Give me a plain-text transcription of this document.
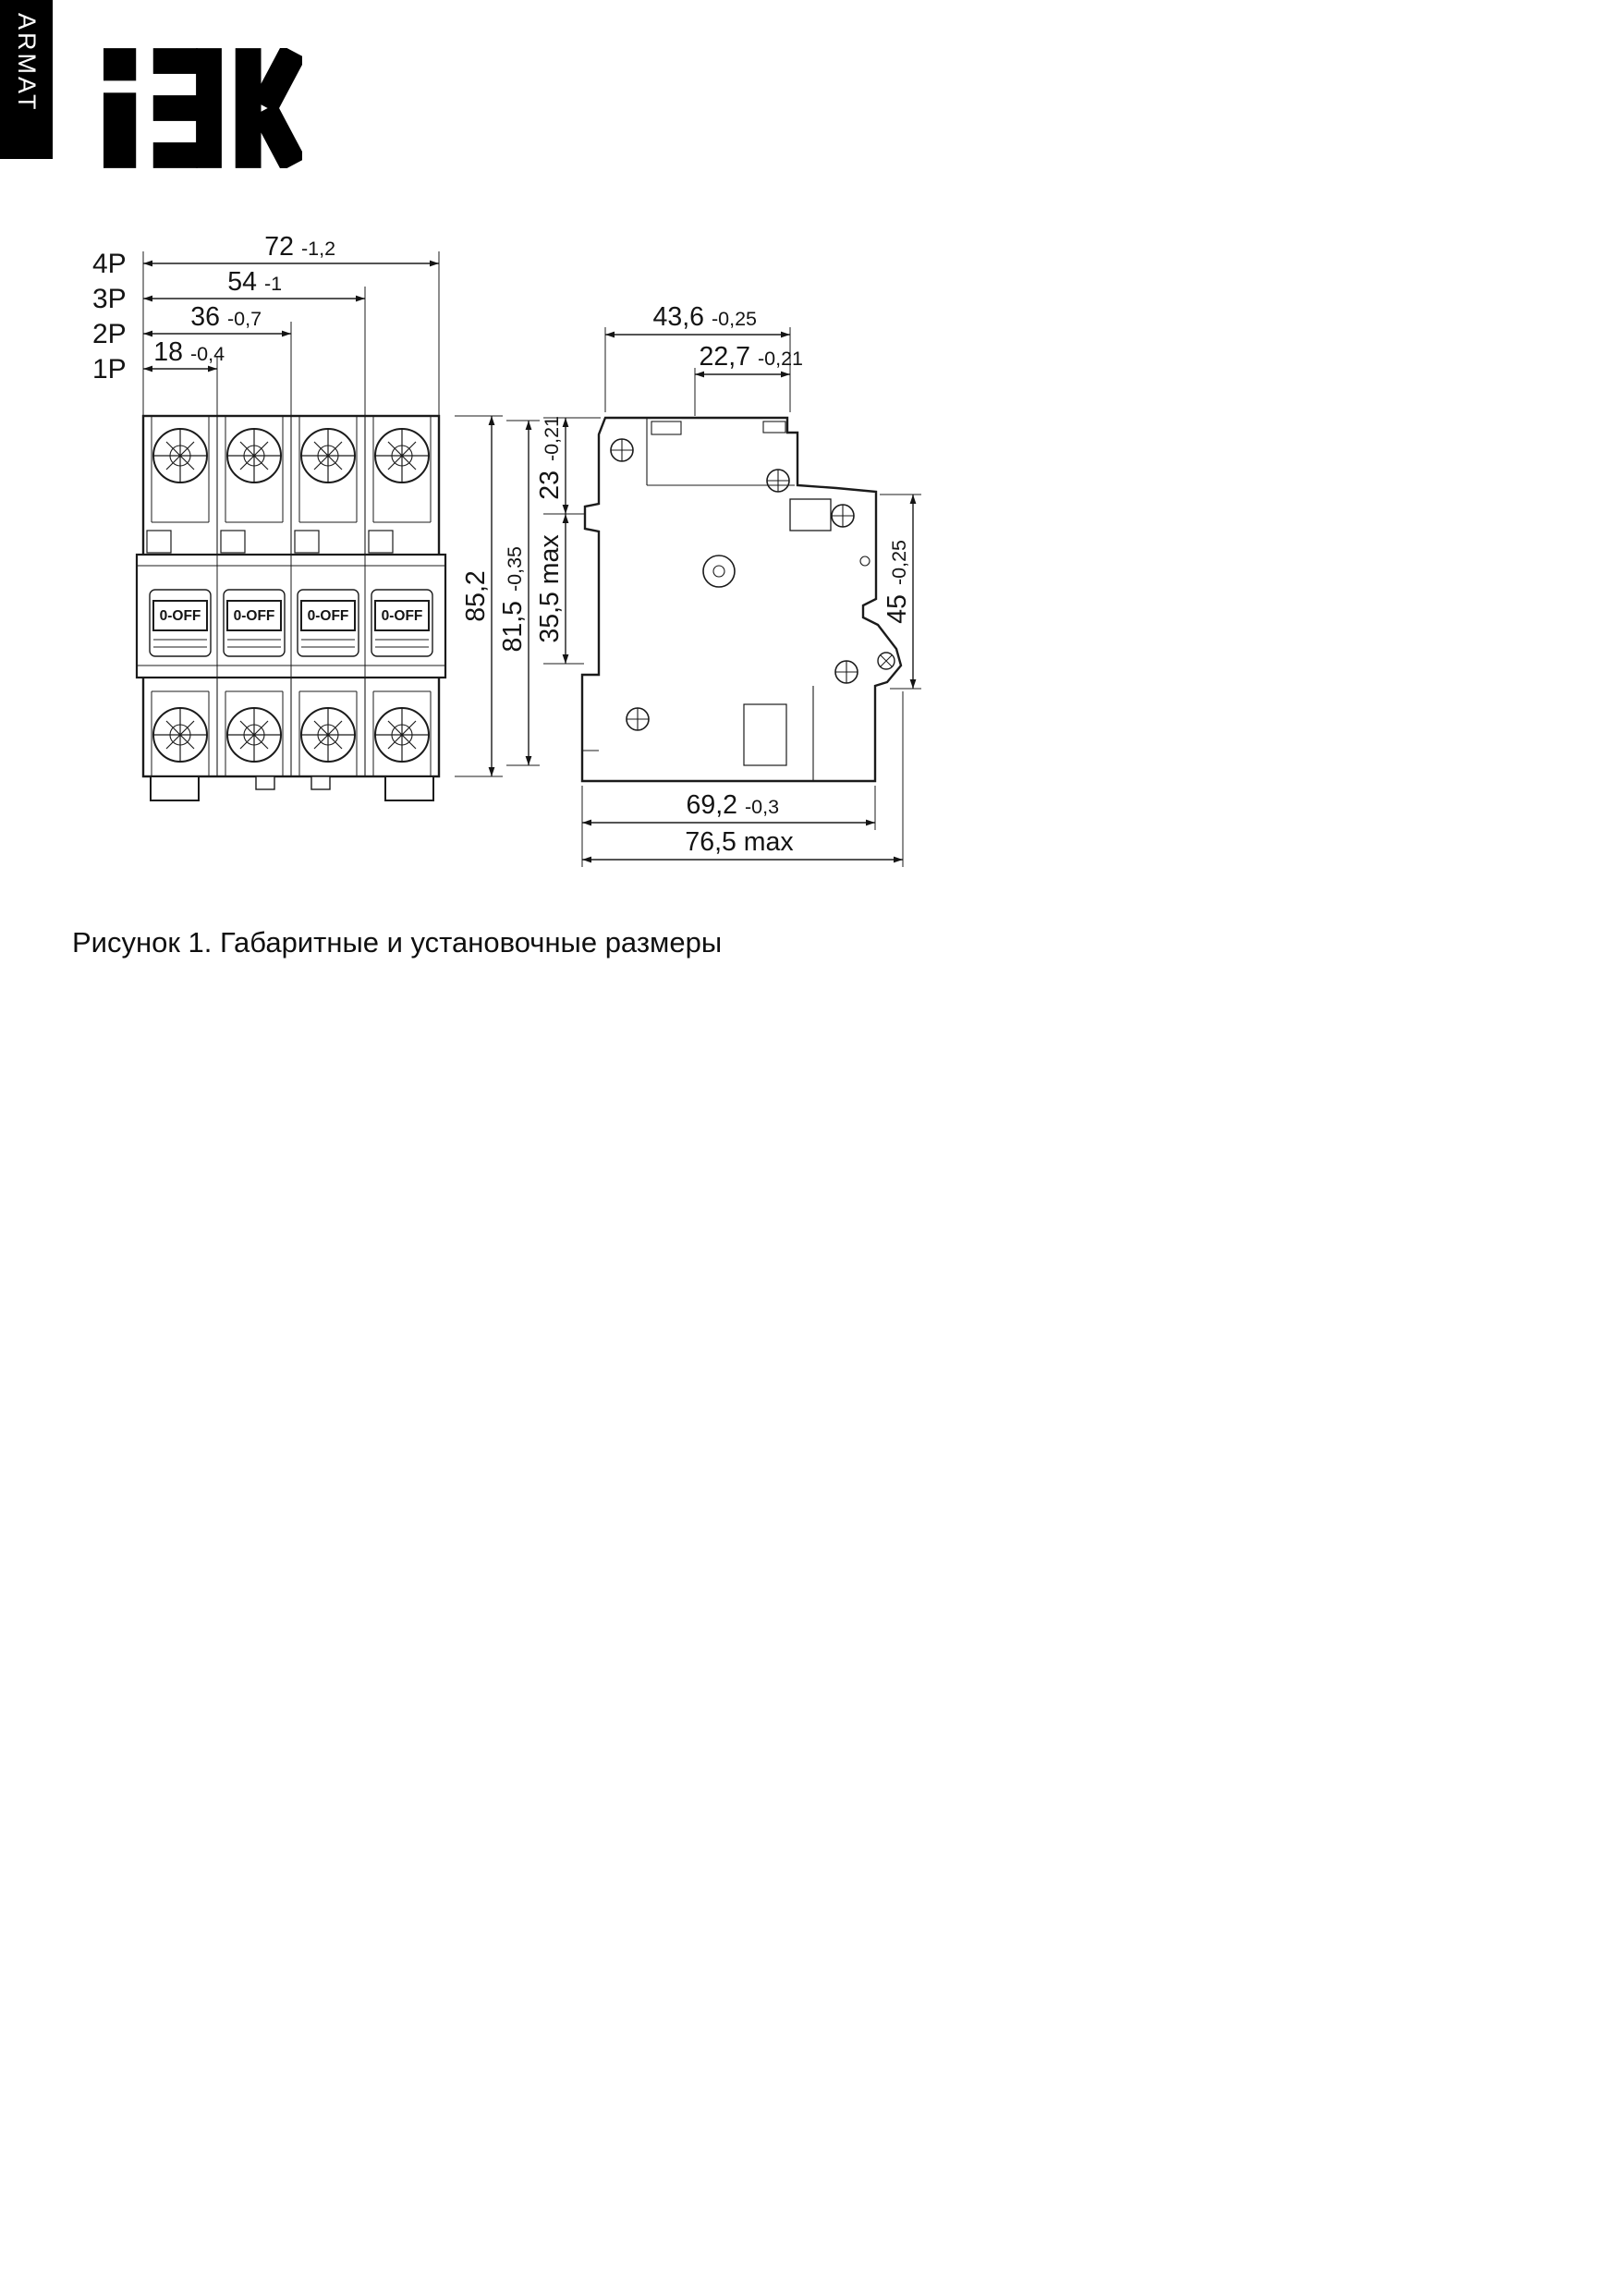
ARMAT
4P
3P
2P
1P
72 -1,2
54 -1
36 -0,7
18 -0,4
0-OFF 0-OFF 0-OFF 0-OFF 85,2
81,5
-0,35 35,5 max
23
-0,21
43,6 -0,25
22,7 -0,21
45
-0,25
69,2 -0,3
76,5 max
Рисунок 1. Габаритные и установочные размеры
